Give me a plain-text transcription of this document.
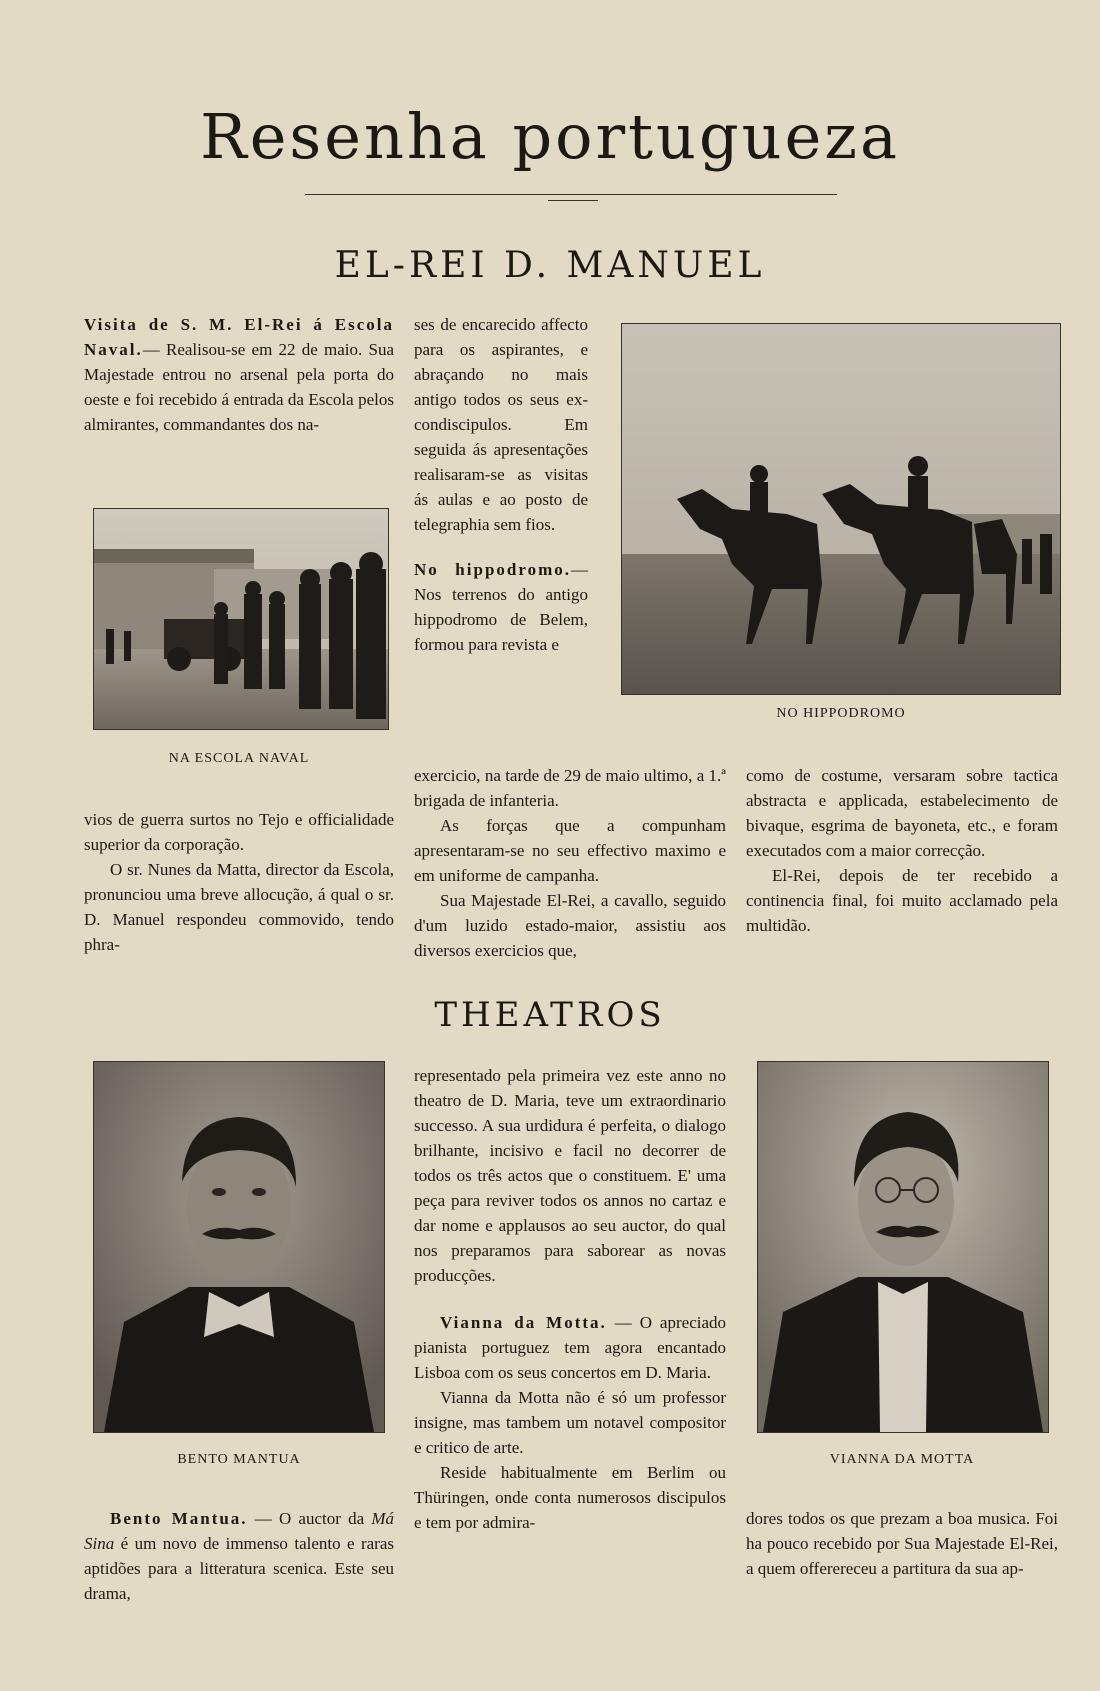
Resenha portugueza
EL-REI D. MANUEL

Visita de S. M. El-Rei á Escola Naval.— Realisou-se em 22 de maio. Sua Majestade entrou no arsenal pela porta do oeste e foi recebido á entrada da Escola pelos almirantes, commandantes dos na-

NA ESCOLA NAVAL

vios de guerra surtos no Tejo e officialidade superior da corporação.

O sr. Nunes da Matta, director da Escola, pronunciou uma breve allocução, á qual o sr. D. Manuel respondeu commovido, tendo phra-

ses de encarecido affecto para os aspirantes, e abraçando no mais antigo todos os seus ex-condiscipulos. Em seguida ás apresentações realisaram-se as visitas ás aulas e ao posto de telegraphia sem fios.

No hippodromo.—Nos terrenos do antigo hippodromo de Belem, formou para revista e

NO HIPPODROMO

exercicio, na tarde de 29 de maio ultimo, a 1.ª brigada de infanteria.

As forças que a compunham apresentaram-se no seu effectivo maximo e em uniforme de campanha.

Sua Majestade El-Rei, a cavallo, seguido d'um luzido estado-maior, assistiu aos diversos exercicios que,

como de costume, versaram sobre tactica abstracta e applicada, estabelecimento de bivaque, esgrima de bayoneta, etc., e foram executados com a maior correcção.

El-Rei, depois de ter recebido a continencia final, foi muito acclamado pela multidão.

THEATROS
BENTO MANTUA

Bento Mantua. — O auctor da Má Sina é um novo de immenso talento e raras aptidões para a litteratura scenica. Este seu drama,

representado pela primeira vez este anno no theatro de D. Maria, teve um extraordinario successo. A sua urdidura é perfeita, o dialogo brilhante, incisivo e facil no decorrer de todos os três actos que o constituem. E' uma peça para reviver todos os annos no cartaz e dar nome e applausos ao seu auctor, do qual nos preparamos para saborear as novas producções.

Vianna da Motta. — O apreciado pianista portuguez tem agora encantado Lisboa com os seus concertos em D. Maria.

Vianna da Motta não é só um professor insigne, mas tambem um notavel compositor e critico de arte.

Reside habitualmente em Berlim ou Thüringen, onde conta numerosos discipulos e tem por admira-

VIANNA DA MOTTA

dores todos os que prezam a boa musica. Foi ha pouco recebido por Sua Majestade El-Rei, a quem offerereceu a partitura da sua ap-
